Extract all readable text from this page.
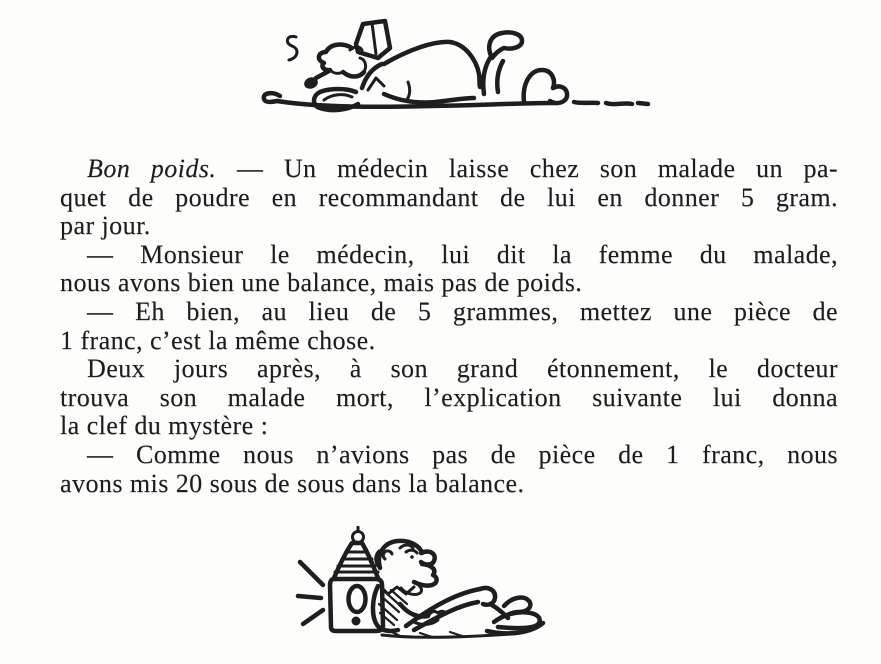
Bon poids. — Un médecin laisse chez son malade un pa-
quet de poudre en recommandant de lui en donner 5 gram.
par jour.
— Monsieur le médecin, lui dit la femme du malade,
nous avons bien une balance, mais pas de poids.
— Eh bien, au lieu de 5 grammes, mettez une pièce de
1 franc, c’est la même chose.
Deux jours après, à son grand étonnement, le docteur
trouva son malade mort, l’explication suivante lui donna
la clef du mystère :
— Comme nous n’avions pas de pièce de 1 franc, nous
avons mis 20 sous de sous dans la balance.
